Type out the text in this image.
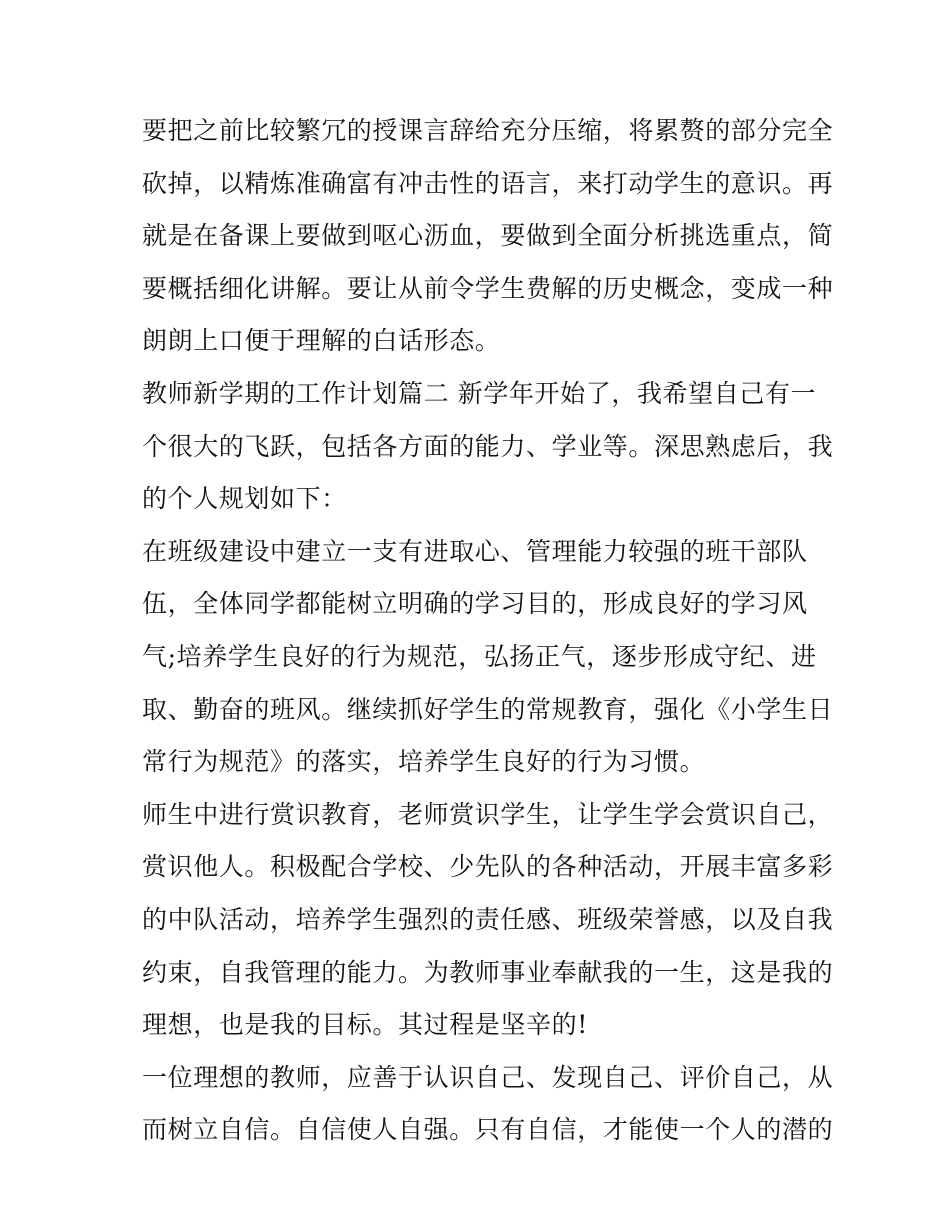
要把之前比较繁冗的授课言辞给充分压缩，将累赘的部分完全
砍掉，以精炼准确富有冲击性的语言，来打动学生的意识。再
就是在备课上要做到呕心沥血，要做到全面分析挑选重点，简
要概括细化讲解。要让从前令学生费解的历史概念，变成一种
朗朗上口便于理解的白话形态。
教师新学期的工作计划篇二 新学年开始了，我希望自己有一
个很大的飞跃，包括各方面的能力、学业等。深思熟虑后，我
的个人规划如下：
在班级建设中建立一支有进取心、管理能力较强的班干部队
伍，全体同学都能树立明确的学习目的，形成良好的学习风
气;培养学生良好的行为规范，弘扬正气，逐步形成守纪、进
取、勤奋的班风。继续抓好学生的常规教育，强化《小学生日
常行为规范》的落实，培养学生良好的行为习惯。
师生中进行赏识教育，老师赏识学生，让学生学会赏识自己，
赏识他人。积极配合学校、少先队的各种活动，开展丰富多彩
的中队活动，培养学生强烈的责任感、班级荣誉感，以及自我
约束，自我管理的能力。为教师事业奉献我的一生，这是我的
理想，也是我的目标。其过程是坚辛的!
一位理想的教师，应善于认识自己、发现自己、评价自己，从
而树立自信。自信使人自强。只有自信，才能使一个人的潜的
